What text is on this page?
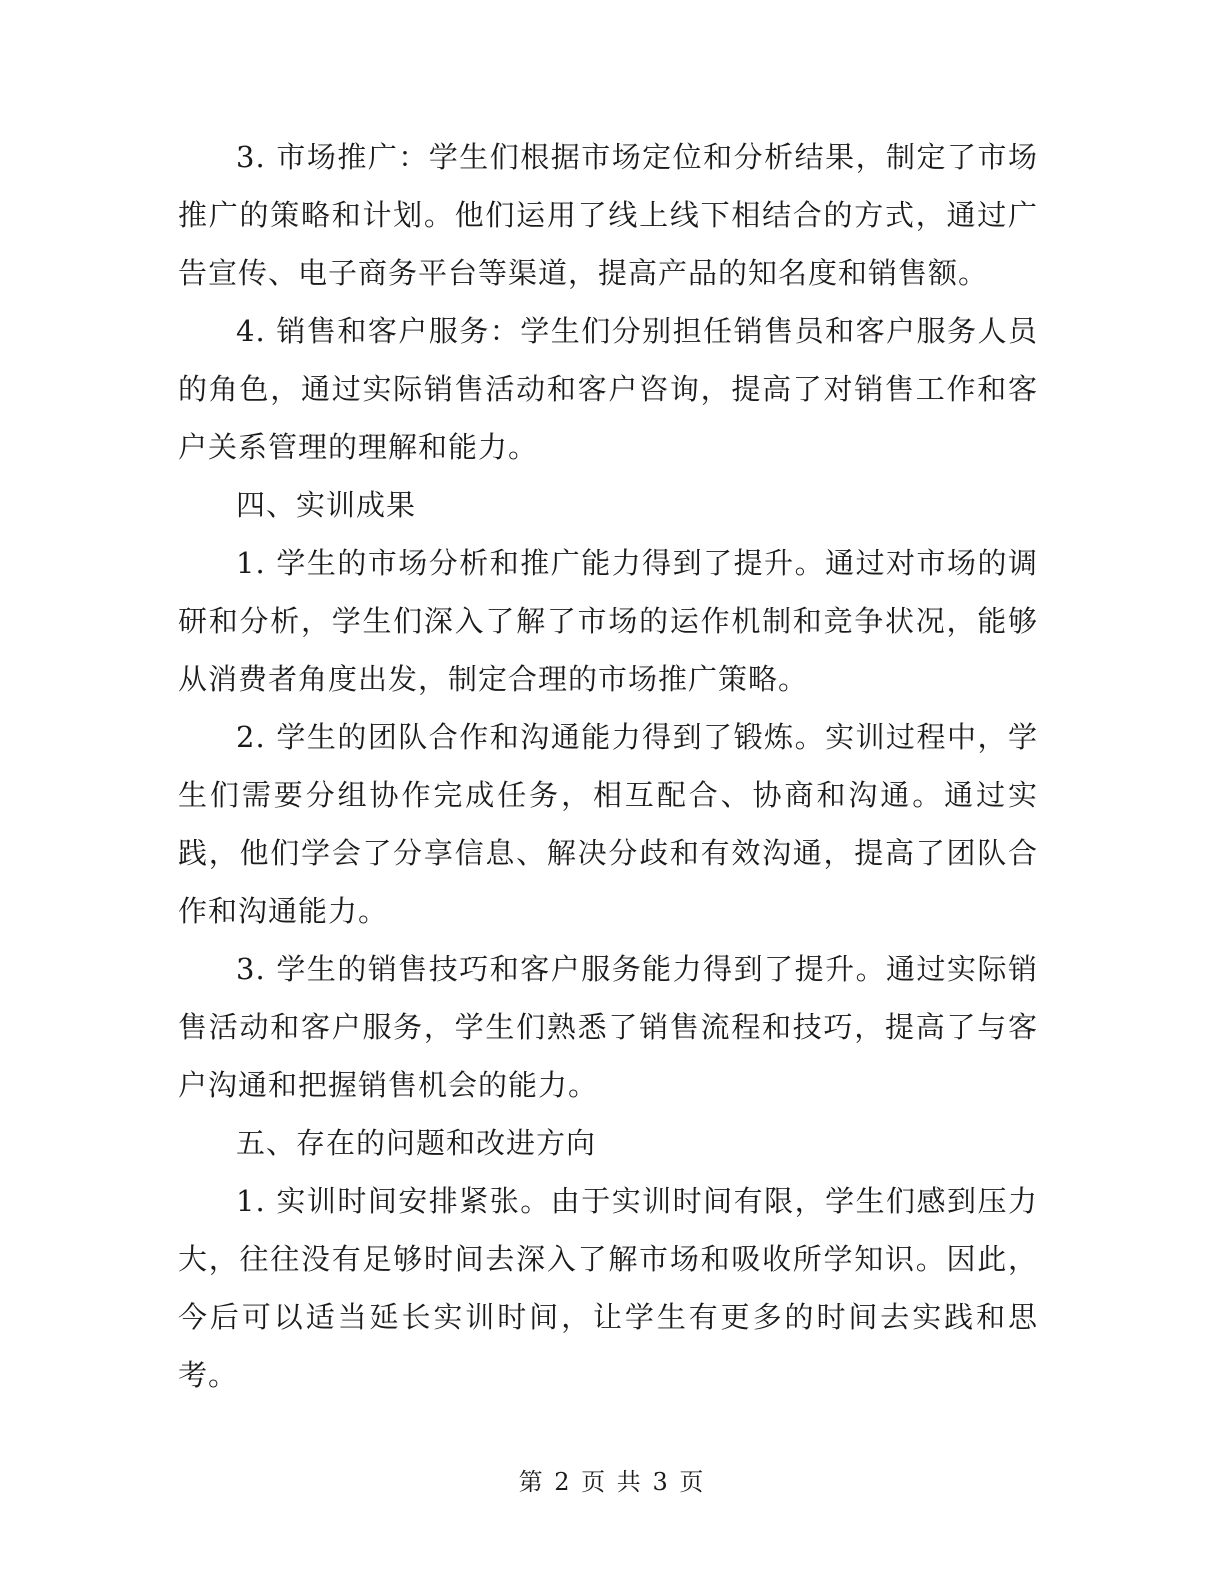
3. 市场推广：学生们根据市场定位和分析结果，制定了市场推广的策略和计划。他们运用了线上线下相结合的方式，通过广告宣传、电子商务平台等渠道，提高产品的知名度和销售额。

4. 销售和客户服务：学生们分别担任销售员和客户服务人员的角色，通过实际销售活动和客户咨询，提高了对销售工作和客户关系管理的理解和能力。

四、实训成果

1. 学生的市场分析和推广能力得到了提升。通过对市场的调研和分析，学生们深入了解了市场的运作机制和竞争状况，能够从消费者角度出发，制定合理的市场推广策略。

2. 学生的团队合作和沟通能力得到了锻炼。实训过程中，学生们需要分组协作完成任务，相互配合、协商和沟通。通过实践，他们学会了分享信息、解决分歧和有效沟通，提高了团队合作和沟通能力。

3. 学生的销售技巧和客户服务能力得到了提升。通过实际销售活动和客户服务，学生们熟悉了销售流程和技巧，提高了与客户沟通和把握销售机会的能力。

五、存在的问题和改进方向

1. 实训时间安排紧张。由于实训时间有限，学生们感到压力大，往往没有足够时间去深入了解市场和吸收所学知识。因此，今后可以适当延长实训时间，让学生有更多的时间去实践和思考。

第 2 页 共 3 页
